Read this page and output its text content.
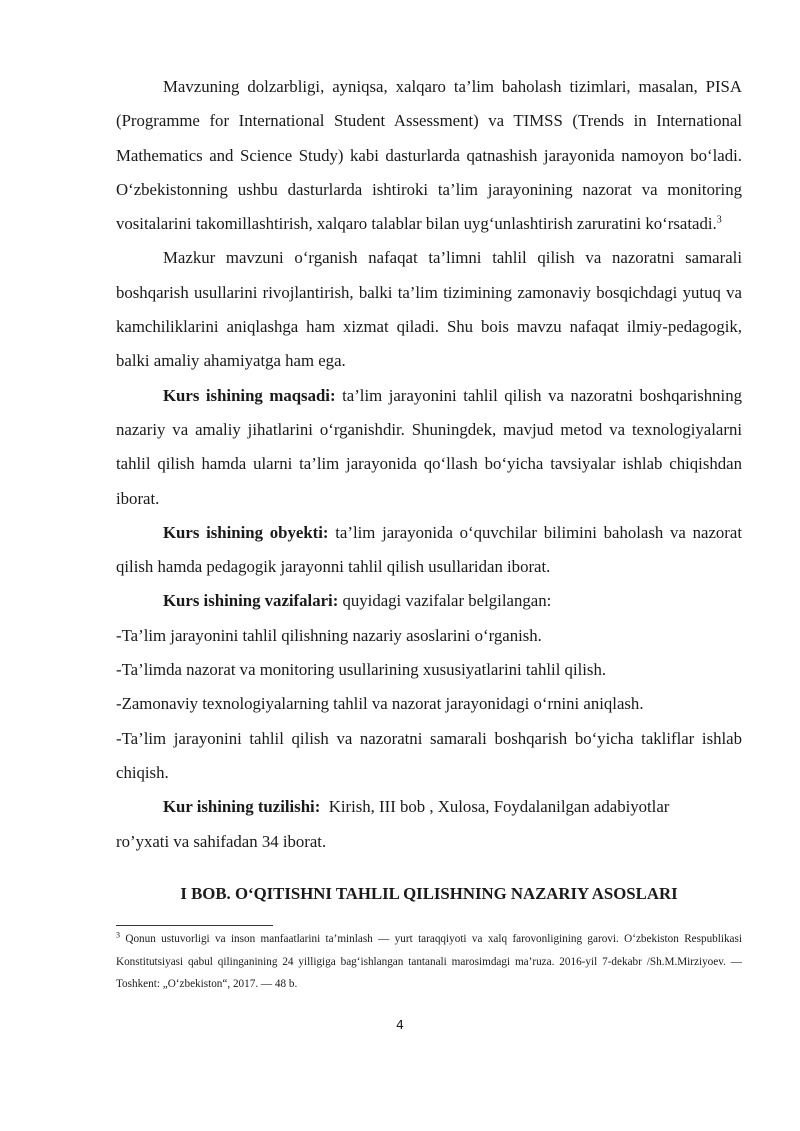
Mavzuning dolzarbligi, ayniqsa, xalqaro ta’lim baholash tizimlari, masalan, PISA (Programme for International Student Assessment) va TIMSS (Trends in International Mathematics and Science Study) kabi dasturlarda qatnashish jarayonida namoyon bo‘ladi. O‘zbekistonning ushbu dasturlarda ishtiroki ta’lim jarayonining nazorat va monitoring vositalarini takomillashtirish, xalqaro talablar bilan uyg‘unlashtirish zaruratini ko‘rsatadi.$^3$

Mazkur mavzuni o‘rganish nafaqat ta’limni tahlil qilish va nazoratni samarali boshqarish usullarini rivojlantirish, balki ta’lim tizimining zamonaviy bosqichdagi yutuq va kamchiliklarini aniqlashga ham xizmat qiladi. Shu bois mavzu nafaqat ilmiy-pedagogik, balki amaliy ahamiyatga ham ega.

Kurs ishining maqsadi: ta’lim jarayonini tahlil qilish va nazoratni boshqarishning nazariy va amaliy jihatlarini o‘rganishdir. Shuningdek, mavjud metod va texnologiyalarni tahlil qilish hamda ularni ta’lim jarayonida qo‘llash bo‘yicha tavsiyalar ishlab chiqishdan iborat.

Kurs ishining obyekti: ta’lim jarayonida o‘quvchilar bilimini baholash va nazorat qilish hamda pedagogik jarayonni tahlil qilish usullaridan iborat.

Kurs ishining vazifalari: quyidagi vazifalar belgilangan:

-Ta’lim jarayonini tahlil qilishning nazariy asoslarini o‘rganish.

-Ta’limda nazorat va monitoring usullarining xususiyatlarini tahlil qilish.

-Zamonaviy texnologiyalarning tahlil va nazorat jarayonidagi o‘rnini aniqlash.

-Ta’lim jarayonini tahlil qilish va nazoratni samarali boshqarish bo‘yicha takliflar ishlab chiqish.

Kur ishining tuzilishi:  Kirish, III bob , Xulosa, Foydalanilgan adabiyotlar
ro’yxati va sahifadan 34 iborat.

I BOB. O‘QITISHNI TAHLIL QILISHNING NAZARIY ASOSLARI

$^3$ Qonun ustuvorligi va inson manfaatlarini ta’minlash — yurt taraqqiyoti va xalq farovonligining garovi. O‘zbekiston Respublikasi Konstitutsiyasi qabul qilinganining 24 yilligiga bag‘ishlangan tantanali marosimdagi ma’ruza. 2016-yil 7-dekabr /Sh.M.Mirziyoev. — Toshkent: „O‘zbekiston“, 2017. — 48 b.

4
